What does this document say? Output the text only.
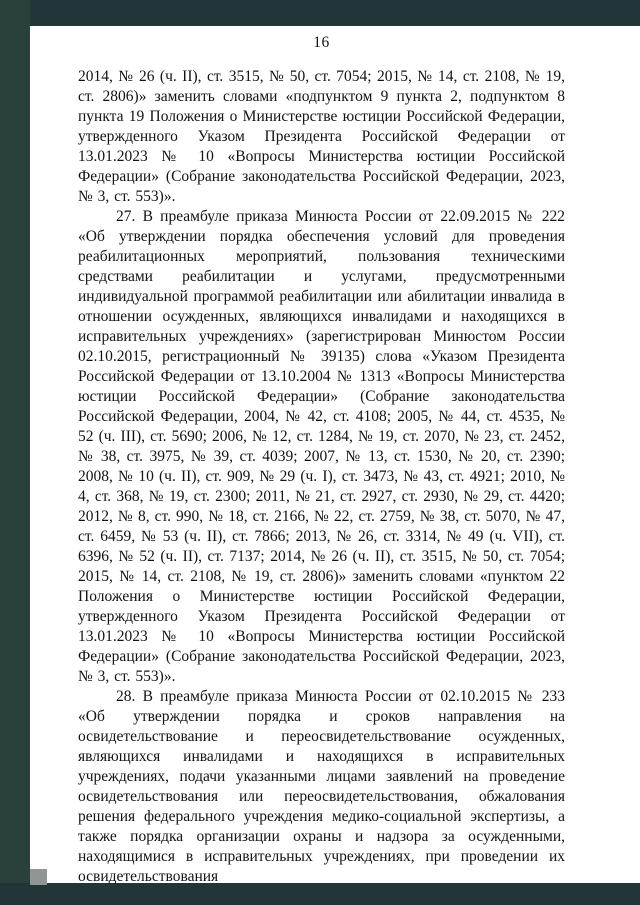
16

2014, № 26 (ч. II), ст. 3515, № 50, ст. 7054; 2015, № 14, ст. 2108, № 19, ст. 2806)» заменить словами «подпунктом 9 пункта 2, подпунктом 8 пункта 19 Положения о Министерстве юстиции Российской Федерации, утвержденного Указом Президента Российской Федерации от 13.01.2023 № 10 «Вопросы Министерства юстиции Российской Федерации» (Собрание законодательства Российской Федерации, 2023, № 3, ст. 553)».

27. В преамбуле приказа Минюста России от 22.09.2015 № 222 «Об утверждении порядка обеспечения условий для проведения реабилитационных мероприятий, пользования техническими средствами реабилитации и услугами, предусмотренными индивидуальной программой реабилитации или абилитации инвалида в отношении осужденных, являющихся инвалидами и находящихся в исправительных учреждениях» (зарегистрирован Минюстом России 02.10.2015, регистрационный № 39135) слова «Указом Президента Российской Федерации от 13.10.2004 № 1313 «Вопросы Министерства юстиции Российской Федерации» (Собрание законодательства Российской Федерации, 2004, № 42, ст. 4108; 2005, № 44, ст. 4535, № 52 (ч. III), ст. 5690; 2006, № 12, ст. 1284, № 19, ст. 2070, № 23, ст. 2452, № 38, ст. 3975, № 39, ст. 4039; 2007, № 13, ст. 1530, № 20, ст. 2390; 2008, № 10 (ч. II), ст. 909, № 29 (ч. I), ст. 3473, № 43, ст. 4921; 2010, № 4, ст. 368, № 19, ст. 2300; 2011, № 21, ст. 2927, ст. 2930, № 29, ст. 4420; 2012, № 8, ст. 990, № 18, ст. 2166, № 22, ст. 2759, № 38, ст. 5070, № 47, ст. 6459, № 53 (ч. II), ст. 7866; 2013, № 26, ст. 3314, № 49 (ч. VII), ст. 6396, № 52 (ч. II), ст. 7137; 2014, № 26 (ч. II), ст. 3515, № 50, ст. 7054; 2015, № 14, ст. 2108, № 19, ст. 2806)» заменить словами «пунктом 22 Положения о Министерстве юстиции Российской Федерации, утвержденного Указом Президента Российской Федерации от 13.01.2023 № 10 «Вопросы Министерства юстиции Российской Федерации» (Собрание законодательства Российской Федерации, 2023, № 3, ст. 553)».

28. В преамбуле приказа Минюста России от 02.10.2015 № 233 «Об утверждении порядка и сроков направления на освидетельствование и переосвидетельствование осужденных, являющихся инвалидами и находящихся в исправительных учреждениях, подачи указанными лицами заявлений на проведение освидетельствования или переосвидетельствования, обжалования решения федерального учреждения медико-социальной экспертизы, а также порядка организации охраны и надзора за осужденными, находящимися в исправительных учреждениях, при проведении их освидетельствования
